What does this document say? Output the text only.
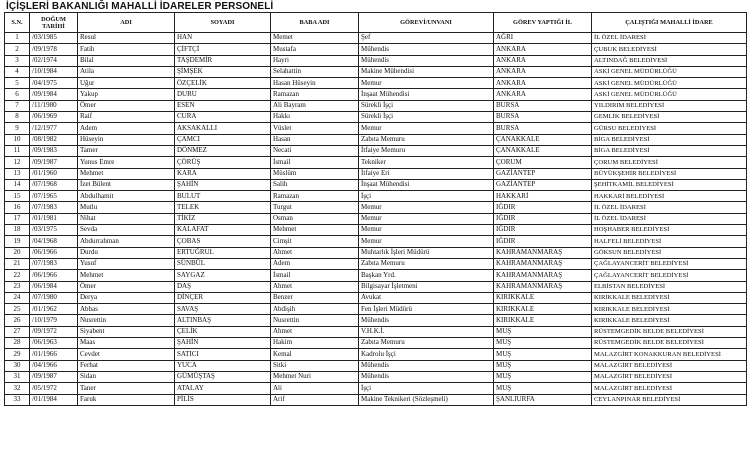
İÇİŞLERİ BAKANLIĞI MAHALLİ İDARELER PERSONELİ
S.N.	DOĞUM TARİHİ	ADI	SOYADI	BABA ADI	GÖREVİ/UNVANI	GÖREV YAPTIĞI İL	ÇALIŞTIĞI MAHALLİ İDARE
1	/03/1985	Resul	HAN	Memet	Şef	AĞRI	İL ÖZEL İDARESİ
2	/09/1978	Fatih	ÇİFTÇİ	Mustafa	Mühendis	ANKARA	ÇUBUK BELEDİYESİ
3	/02/1974	Bilal	TAŞDEMİR	Hayri	Mühendis	ANKARA	ALTINDAĞ BELEDİYESİ
4	/10/1984	Atila	ŞİMŞEK	Selahattin	Makine Mühendisi	ANKARA	ASKİ GENEL MÜDÜRLÜĞÜ
5	/04/1975	Uğur	ÖZÇELİK	Hasan Hüseyin	Memur	ANKARA	ASKİ GENEL MÜDÜRLÜĞÜ
6	/09/1984	Yakup	DURU	Ramazan	İnşaat Mühendisi	ANKARA	ASKİ GENEL MÜDÜRLÜĞÜ
7	/11/1980	Ömer	ESEN	Ali Bayram	Sürekli İşçi	BURSA	YILDIRIM BELEDİYESİ
8	/06/1969	Raif	CURA	Hakkı	Sürekli İşçi	BURSA	GEMLİK BELEDİYESİ
9	/12/1977	Adem	AKSAKALLI	Vüslet	Memur	BURSA	GÜRSU BELEDİYESİ
10	/08/1982	Hüseyin	ÇAMCI	Hasan	Zabıta Memuru	ÇANAKKALE	BİGA BELEDİYESİ
11	/09/1983	Tamer	DÖNMEZ	Necati	İtfaiye Memuru	ÇANAKKALE	BİGA BELEDİYESİ
12	/09/1987	Yunus Emre	ÇÖRÜŞ	İsmail	Tekniker	ÇORUM	ÇORUM BELEDİYESİ
13	/01/1960	Mehmet	KARA	Müslüm	İtfaiye Eri	GAZİANTEP	BÜYÜKŞEHİR BELEDİYESİ
14	/07/1968	İzet Bülent	ŞAHİN	Salih	İnşaat Mühendisi	GAZİANTEP	ŞEHİTKAMİL BELEDİYESİ
15	/07/1965	Abdulhamit	BULUT	Ramazan	İşçi	HAKKARİ	HAKKARİ BELEDİYESİ
16	/07/1983	Mutlu	TELEK	Turgut	Memur	IĞDIR	İL ÖZEL İDARESİ
17	/01/1981	Nihat	TİKİZ	Osman	Memur	IĞDIR	İL ÖZEL İDARESİ
18	/03/1975	Sevda	KALAFAT	Mehmet	Memur	IĞDIR	HOŞHABER BELEDİYESİ
19	/04/1968	Abdurrahman	ÇOBAS	Cimşit	Memur	IĞDIR	HALFELİ BELEDİYESİ
20	/06/1966	Durdu	ERTUĞRUL	Ahmet	Muhtarlık İşleri Müdürü	KAHRAMANMARAŞ	GÖKSUN BELEDİYESİ
21	/07/1983	Yusuf	SÜNBÜL	Adem	Zabıta Memuru	KAHRAMANMARAŞ	ÇAĞLAYANCERİT BELEDİYESİ
22	/06/1966	Mehmet	SAYGAZ	İsmail	Başkan Yrd.	KAHRAMANMARAŞ	ÇAĞLAYANCERİT BELEDİYESİ
23	/06/1984	Ömer	DAŞ	Ahmet	Bilgisayar İşletmeni	KAHRAMANMARAŞ	ELBİSTAN BELEDİYESİ
24	/07/1980	Derya	DİNÇER	Benzer	Avukat	KIRIKKALE	KIRIKKALE BELEDİYESİ
25	/01/1962	Abbas	SAVAŞ	Abdişih	Fen İşleri Müdürü	KIRIKKALE	KIRIKKALE BELEDİYESİ
26	/10/1979	Nusrettin	ALTINBAŞ	Nusrettin	Mühendis	KIRIKKALE	KIRIKKALE BELEDİYESİ
27	/09/1972	Siyabent	ÇELİK	Ahmet	V.H.K.İ.	MUŞ	RÜSTEMGEDİK BELDE BELEDİYESİ
28	/06/1963	Maas	ŞAHİN	Hakim	Zabıta Memuru	MUŞ	RÜSTEMGEDİK BELDE BELEDİYESİ
29	/01/1966	Cevdet	SATICI	Kemal	Kadrolu İşçi	MUŞ	MALAZGİRT KONAKKURAN BELEDİYESİ
30	/04/1966	Ferhat	YUCA	Sitki	Mühendis	MUŞ	MALAZGİRT BELEDİYESİ
31	/09/1987	Sidan	GÜMÜŞTAŞ	Mehmet Nuri	Mühendis	MUŞ	MALAZGİRT BELEDİYESİ
32	/05/1972	Taner	ATALAY	Ali	İşçi	MUŞ	MALAZGİRT BELEDİYESİ
33	/01/1984	Faruk	PİLİS	Arif	Makine Teknikeri (Sözleşmeli)	ŞANLIURFA	CEYLANPINAR BELEDİYESİ
